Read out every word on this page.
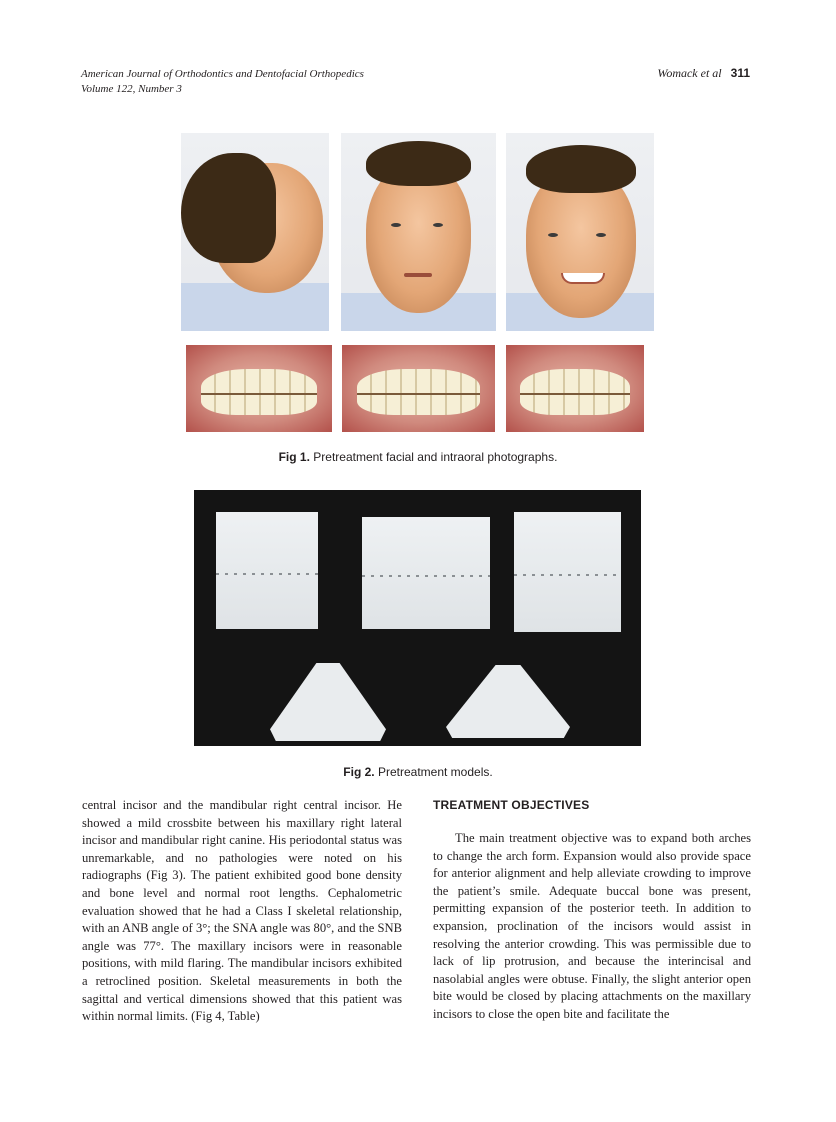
American Journal of Orthodontics and Dentofacial Orthopedics
Volume 122, Number 3
Womack et al 311
Fig 1. Pretreatment facial and intraoral photographs.
Fig 2. Pretreatment models.

central incisor and the mandibular right central incisor. He showed a mild crossbite between his maxillary right lateral incisor and mandibular right canine. His periodontal status was unremarkable, and no pathologies were noted on his radiographs (Fig 3). The patient exhibited good bone density and bone level and normal root lengths. Cephalometric evaluation showed that he had a Class I skeletal relationship, with an ANB angle of 3°; the SNA angle was 80°, and the SNB angle was 77°. The maxillary incisors were in reasonable positions, with mild flaring. The mandibular incisors exhibited a retroclined position. Skeletal measurements in both the sagittal and vertical dimensions showed that this patient was within normal limits. (Fig 4, Table)

TREATMENT OBJECTIVES

The main treatment objective was to expand both arches to change the arch form. Expansion would also provide space for anterior alignment and help alleviate crowding to improve the patient’s smile. Adequate buccal bone was present, permitting expansion of the posterior teeth. In addition to expansion, proclination of the incisors would assist in resolving the anterior crowding. This was permissible due to lack of lip protrusion, and because the interincisal and nasolabial angles were obtuse. Finally, the slight anterior open bite would be closed by placing attachments on the maxillary incisors to close the open bite and facilitate the
